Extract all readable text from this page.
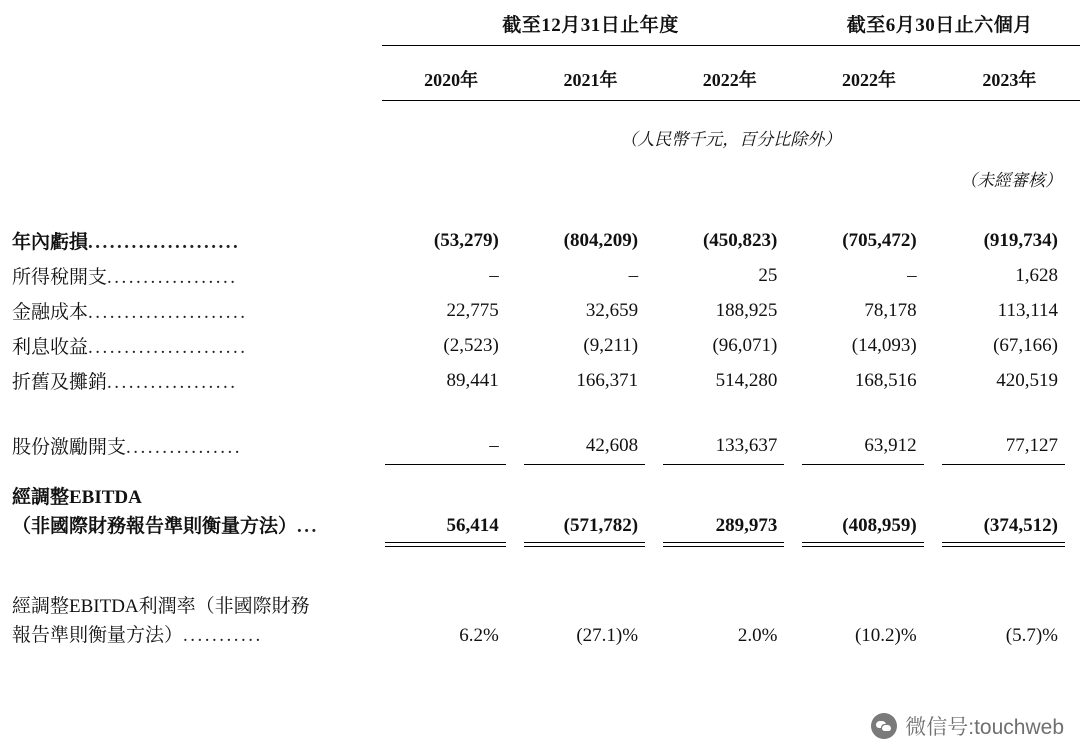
	截至12月31日止年度			截至6月30日止六個月	

	2020年	2021年	2022年	2022年	2023年

	（人民幣千元，百分比除外）				
				（未經審核）	

年內虧損.....................	(53,279)	(804,209)	(450,823)	(705,472)	(919,734)
所得稅開支..................	–	–	25	–	1,628
金融成本......................	22,775	32,659	188,925	78,178	113,114
利息收益......................	(2,523)	(9,211)	(96,071)	(14,093)	(67,166)
折舊及攤銷..................	89,441	166,371	514,280	168,516	420,519

股份激勵開支................	–	42,608	133,637	63,912	77,127

經調整EBITDA
（非國際財務報告準則衡量方法）...	56,414	(571,782)	289,973	(408,959)	(374,512)

經調整EBITDA利潤率（非國際財務
報告準則衡量方法）...........	6.2%	(27.1)%	2.0%	(10.2)%	(5.7)%
微信号:touchweb
